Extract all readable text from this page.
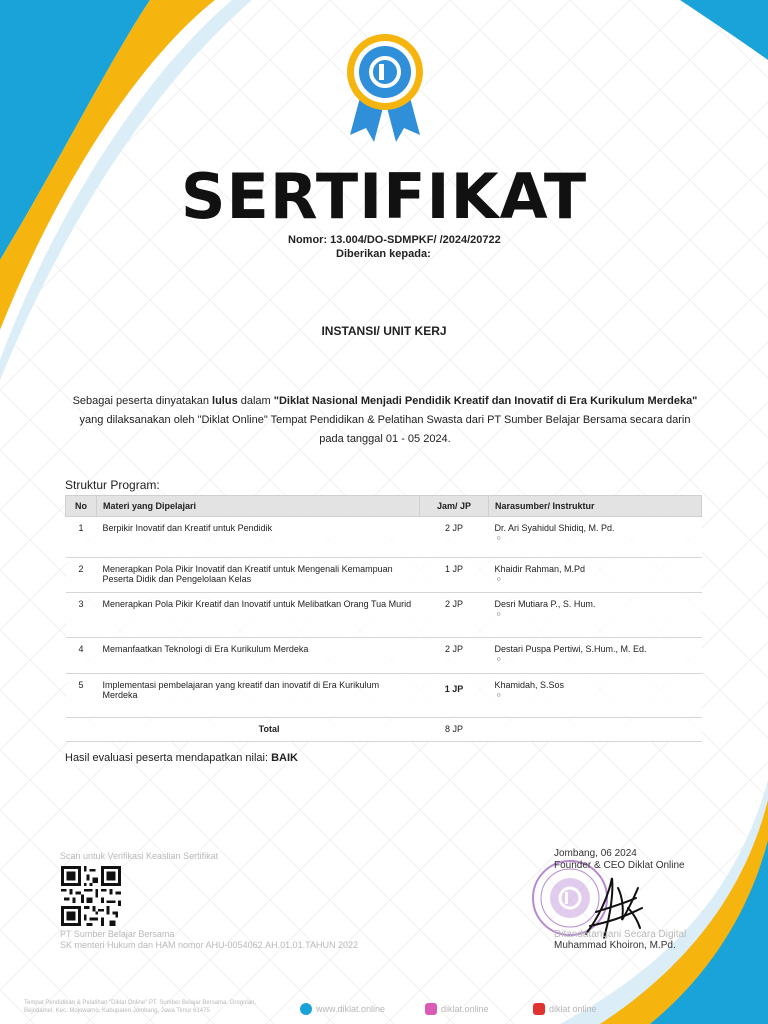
SERTIFIKAT
Nomor: 13.004/DO-SDMPKF/ /2024/20722
Diberikan kepada:
INSTANSI/ UNIT KERJ
Sebagai peserta dinyatakan lulus dalam "Diklat Nasional Menjadi Pendidik Kreatif dan Inovatif di Era Kurikulum Merdeka"
yang dilaksanakan oleh "Diklat Online" Tempat Pendidikan & Pelatihan Swasta dari PT Sumber Belajar Bersama secara darin
pada tanggal 01 - 05 2024.
Struktur Program:
No	Materi yang Dipelajari	Jam/ JP	Narasumber/ Instruktur
1	Berpikir Inovatif dan Kreatif untuk Pendidik	2 JP	Dr. Ari Syahidul Shidiq, M. Pd.
○

2	Menerapkan Pola Pikir Inovatif dan Kreatif untuk Mengenali Kemampuan Peserta Didik dan Pengelolaan Kelas	1 JP	Khaidir Rahman, M.Pd
○

3	Menerapkan Pola Pikir Kreatif dan Inovatif untuk Melibatkan Orang Tua Murid	2 JP	Desri Mutiara P., S. Hum.
○

4	Memanfaatkan Teknologi di Era Kurikulum Merdeka	2 JP	Destari Puspa Pertiwi, S.Hum., M. Ed.
○

5	Implementasi pembelajaran yang kreatif dan inovatif di Era Kurikulum Merdeka	1 JP	Khamidah, S.Sos
○

	Total	8 JP	
Hasil evaluasi peserta mendapatkan nilai: BAIK
Scan untuk Verifikasi Keaslian Sertifikat
PT Sumber Belajar Bersama
SK menteri Hukum dan HAM nomor AHU-0054062.AH.01.01.TAHUN 2022
Jombang, 06 2024
Founder & CEO Diklat Online
Ditandatangani Secara Digital
Muhammad Khoiron, M.Pd.
Tempat Pendidikan & Pelatihan "Diklat Online" PT. Sumber Belajar Bersama. Grogolan, Bejodamel, Kec. Mojowarno, Kabupaten Jombang, Jawa Timur 61475	www.diklat.online	diklat.online	diklat online
